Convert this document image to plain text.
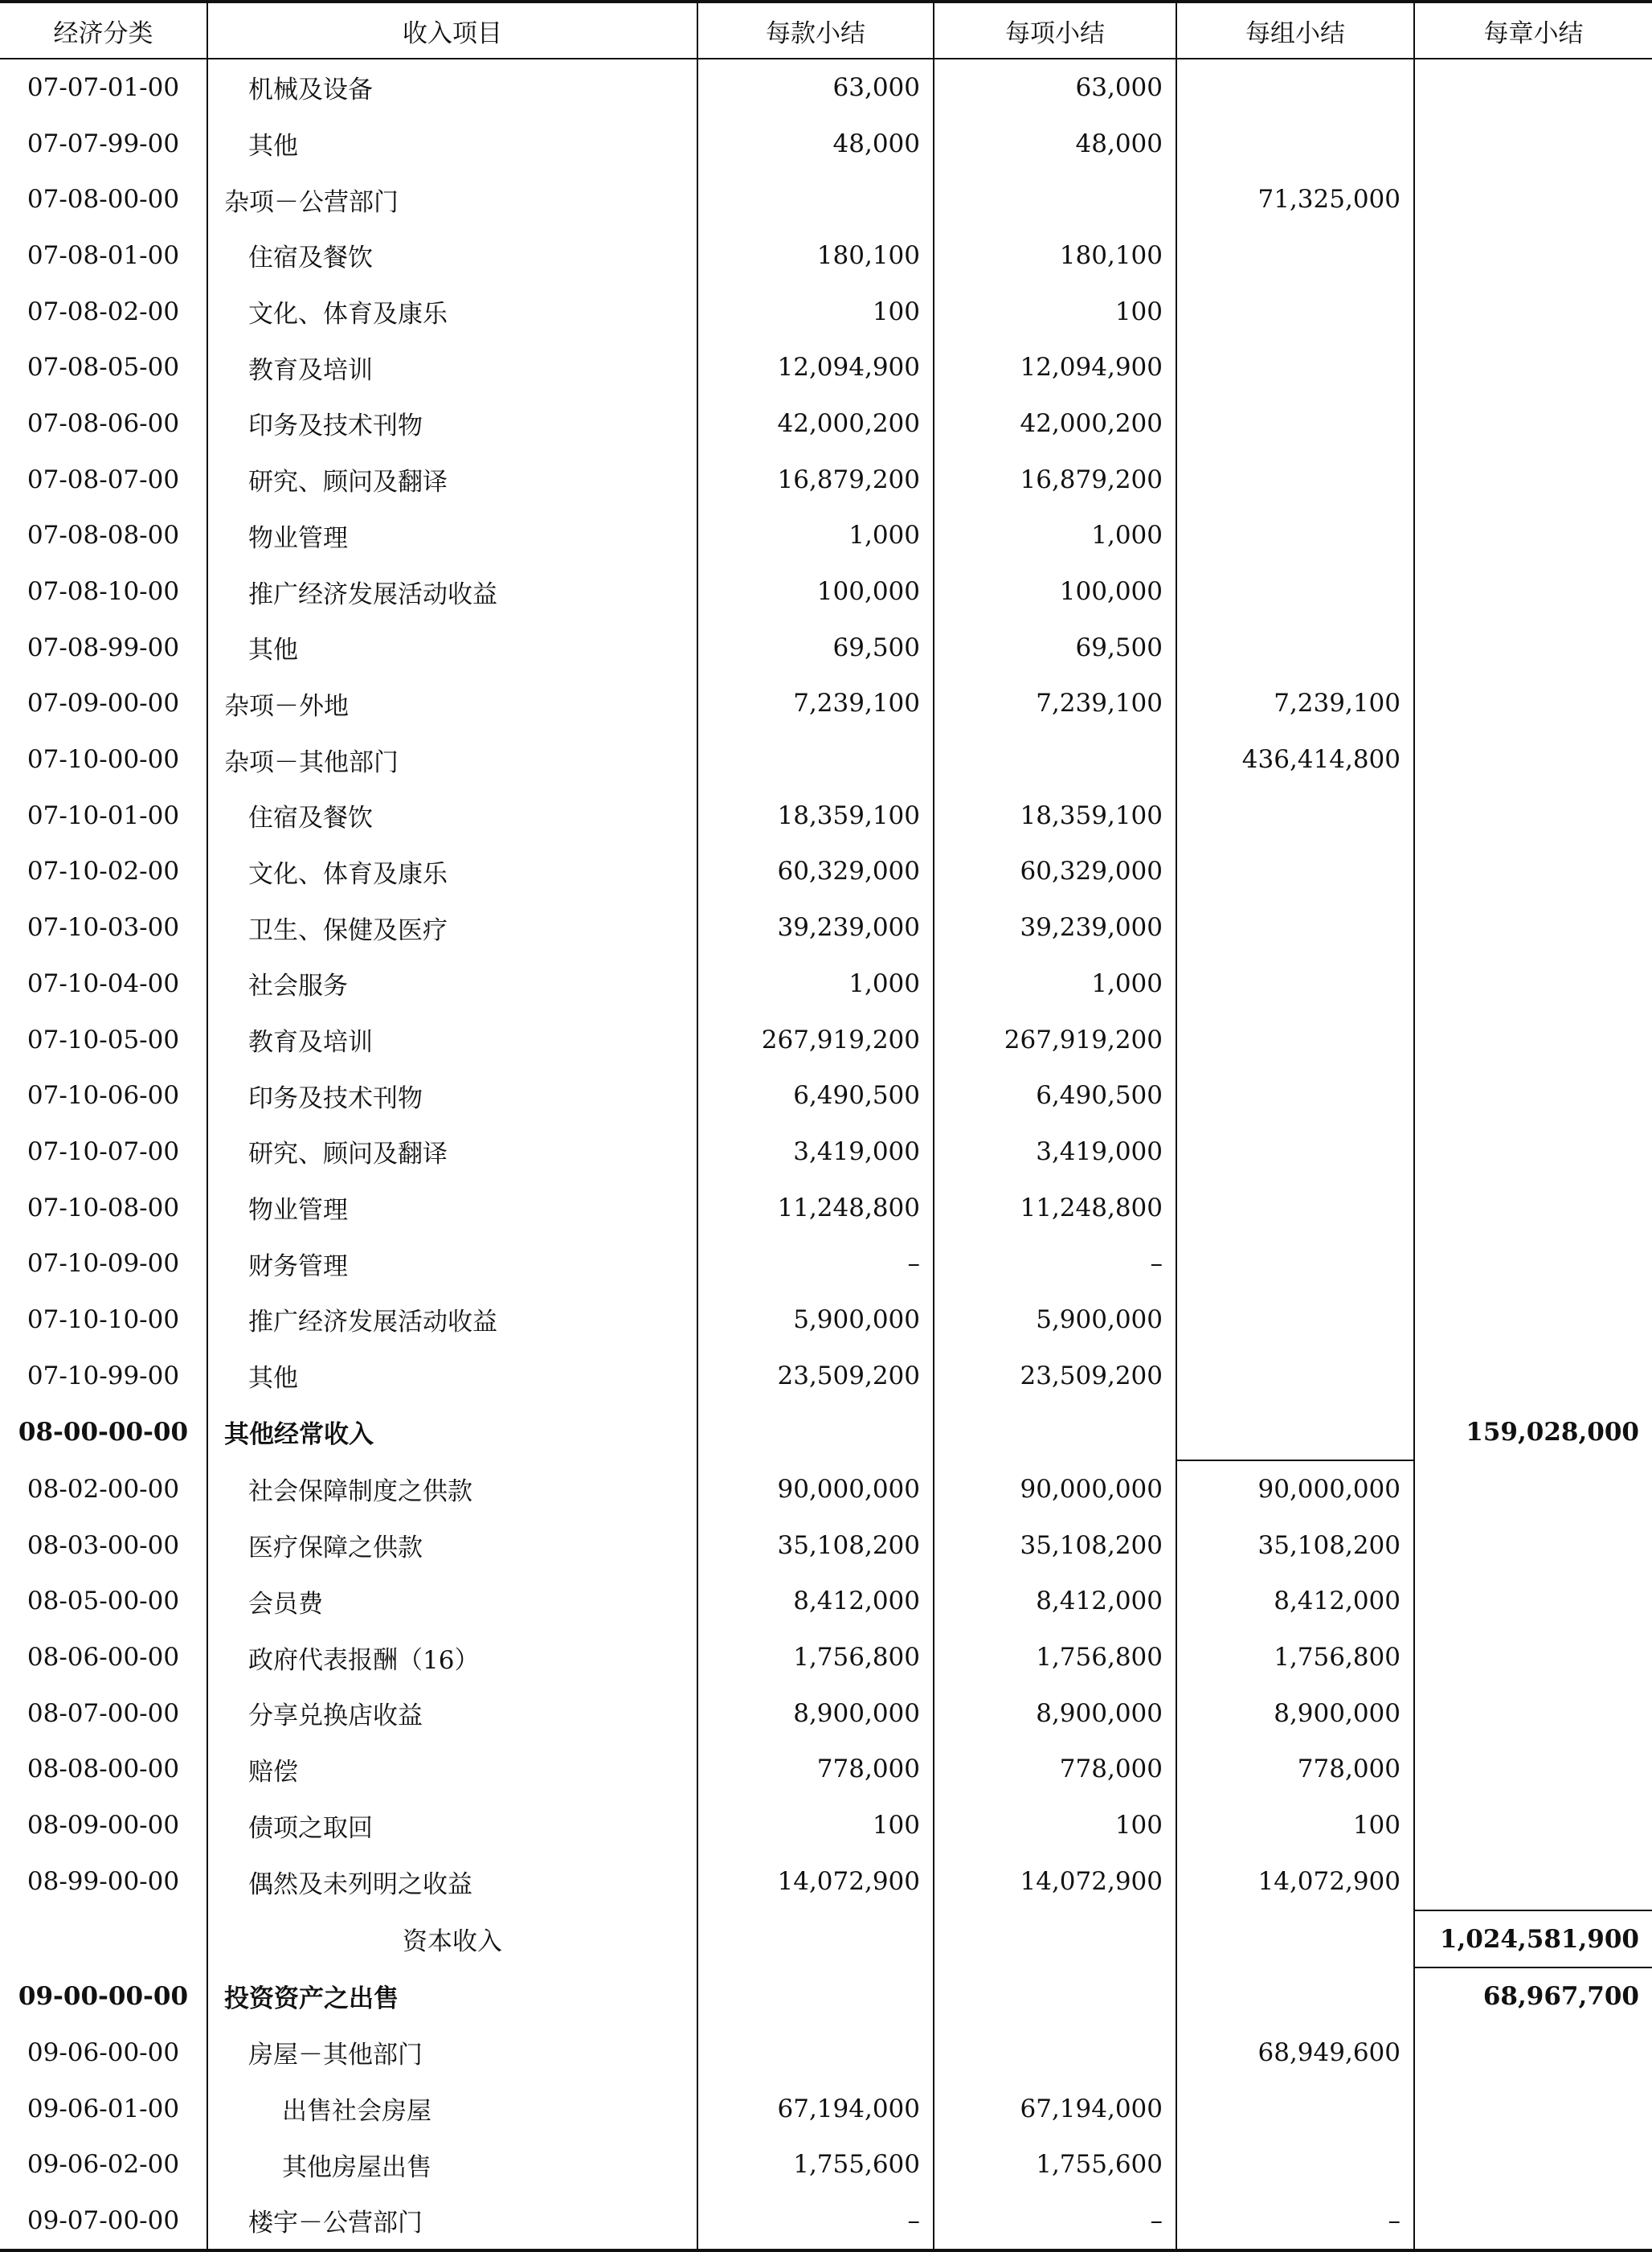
经济分类	收入项目	每款小结	每项小结	每组小结	每章小结
07-07-01-00	机械及设备	63,000	63,000		
07-07-99-00	其他	48,000	48,000		
07-08-00-00	杂项－公营部门			71,325,000	
07-08-01-00	住宿及餐饮	180,100	180,100		
07-08-02-00	文化、体育及康乐	100	100		
07-08-05-00	教育及培训	12,094,900	12,094,900		
07-08-06-00	印务及技术刊物	42,000,200	42,000,200		
07-08-07-00	研究、顾问及翻译	16,879,200	16,879,200		
07-08-08-00	物业管理	1,000	1,000		
07-08-10-00	推广经济发展活动收益	100,000	100,000		
07-08-99-00	其他	69,500	69,500		
07-09-00-00	杂项－外地	7,239,100	7,239,100	7,239,100	
07-10-00-00	杂项－其他部门			436,414,800	
07-10-01-00	住宿及餐饮	18,359,100	18,359,100		
07-10-02-00	文化、体育及康乐	60,329,000	60,329,000		
07-10-03-00	卫生、保健及医疗	39,239,000	39,239,000		
07-10-04-00	社会服务	1,000	1,000		
07-10-05-00	教育及培训	267,919,200	267,919,200		
07-10-06-00	印务及技术刊物	6,490,500	6,490,500		
07-10-07-00	研究、顾问及翻译	3,419,000	3,419,000		
07-10-08-00	物业管理	11,248,800	11,248,800		
07-10-09-00	财务管理	–	–		
07-10-10-00	推广经济发展活动收益	5,900,000	5,900,000		
07-10-99-00	其他	23,509,200	23,509,200		
08-00-00-00	其他经常收入				159,028,000
08-02-00-00	社会保障制度之供款	90,000,000	90,000,000	90,000,000	
08-03-00-00	医疗保障之供款	35,108,200	35,108,200	35,108,200	
08-05-00-00	会员费	8,412,000	8,412,000	8,412,000	
08-06-00-00	政府代表报酬（16）	1,756,800	1,756,800	1,756,800	
08-07-00-00	分享兑换店收益	8,900,000	8,900,000	8,900,000	
08-08-00-00	赔偿	778,000	778,000	778,000	
08-09-00-00	债项之取回	100	100	100	
08-99-00-00	偶然及未列明之收益	14,072,900	14,072,900	14,072,900	
	资本收入				1,024,581,900
09-00-00-00	投资资产之出售				68,967,700
09-06-00-00	房屋－其他部门			68,949,600	
09-06-01-00	出售社会房屋	67,194,000	67,194,000		
09-06-02-00	其他房屋出售	1,755,600	1,755,600		
09-07-00-00	楼宇－公营部门	–	–	–	
